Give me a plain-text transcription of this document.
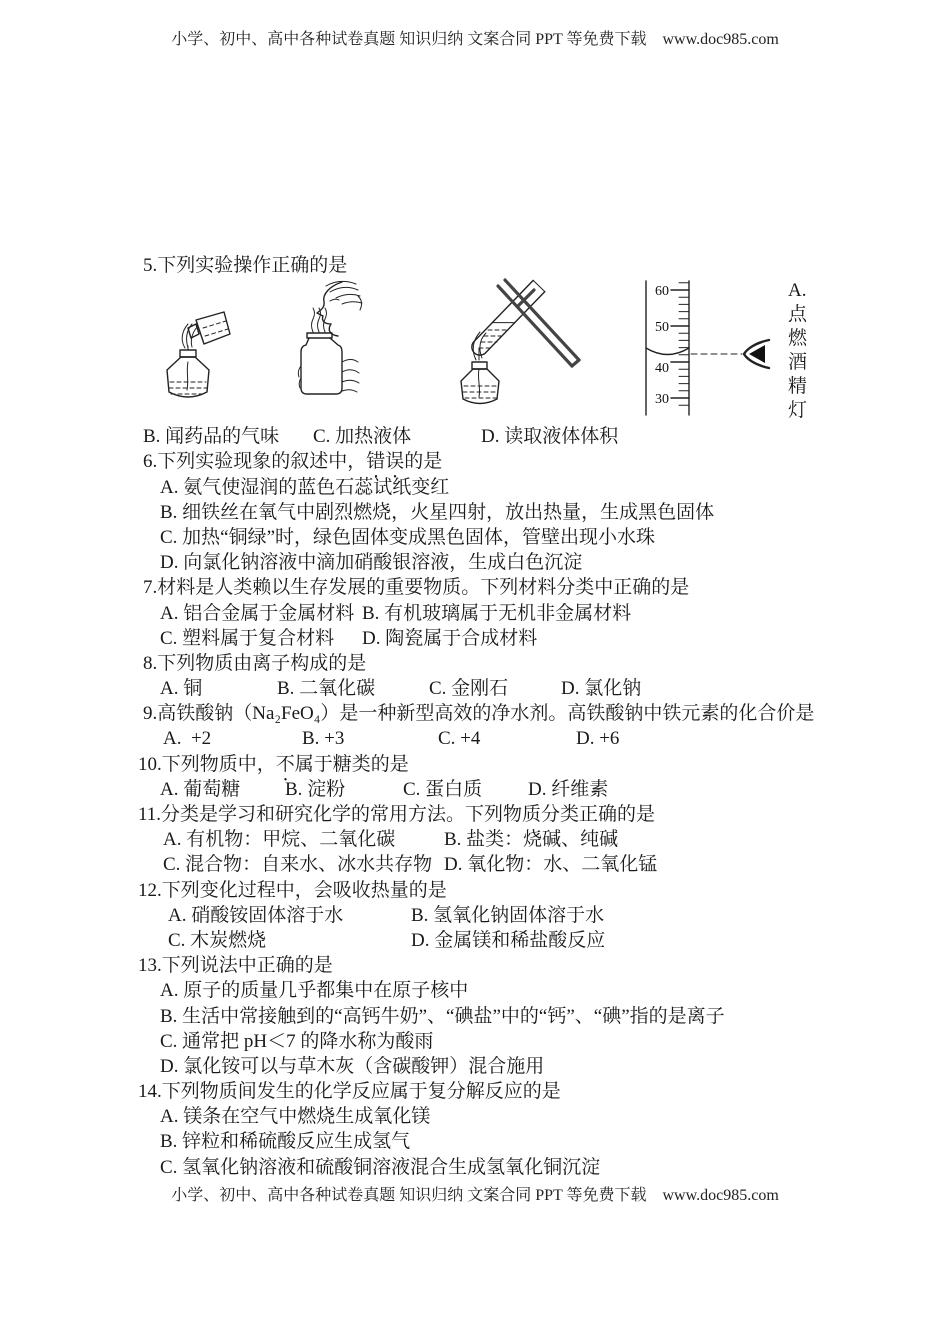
小学、初中、高中各种试卷真题 知识归纳 文案合同 PPT 等免费下载　www.doc985.com
5.下列实验操作正确的是
60
50
40
30
A.点燃酒精灯
B. 闻药品的气味 C. 加热液体	D. 读取液体体积
6.下列实验现象的叙述中，错误的是
A. 氨气使湿润的蓝色石蕊试纸变红
B. 细铁丝在氧气中剧烈燃烧，火星四射，放出热量，生成黑色固体
C. 加热“铜绿”时，绿色固体变成黑色固体，管壁出现小水珠
D. 向氯化钠溶液中滴加硝酸银溶液，生成白色沉淀
7.材料是人类赖以生存发展的重要物质。下列材料分类中正确的是
A. 铝合金属于金属材料 B. 有机玻璃属于无机非金属材料
C. 塑料属于复合材料 D. 陶瓷属于合成材料
8.下列物质由离子构成的是
A. 铜	B. 二氧化碳	C. 金刚石	D. 氯化钠
9.高铁酸钠（Na₂FeO₄）是一种新型高效的净水剂。高铁酸钠中铁元素的化合价是
A.  +2	B. +3	C. +4	D. +6
10.下列物质中，不属于糖类的是
A. 葡萄糖 B. 淀粉	C. 蛋白质 D. 纤维素
11.分类是学习和研究化学的常用方法。下列物质分类正确的是
A. 有机物：甲烷、二氧化碳	B. 盐类：烧碱、纯碱
C. 混合物：自来水、冰水共存物 D. 氧化物：水、二氧化锰
12.下列变化过程中，会吸收热量的是
A. 硝酸铵固体溶于水	B. 氢氧化钠固体溶于水
C. 木炭燃烧	D. 金属镁和稀盐酸反应
13.下列说法中正确的是
A. 原子的质量几乎都集中在原子核中
B. 生活中常接触到的“高钙牛奶”、“碘盐”中的“钙”、“碘”指的是离子
C. 通常把 pH＜7 的降水称为酸雨
D. 氯化铵可以与草木灰（含碳酸钾）混合施用
14.下列物质间发生的化学反应属于复分解反应的是
A. 镁条在空气中燃烧生成氧化镁
B. 锌粒和稀硫酸反应生成氢气
C. 氢氧化钠溶液和硫酸铜溶液混合生成氢氧化铜沉淀
小学、初中、高中各种试卷真题 知识归纳 文案合同 PPT 等免费下载　www.doc985.com
